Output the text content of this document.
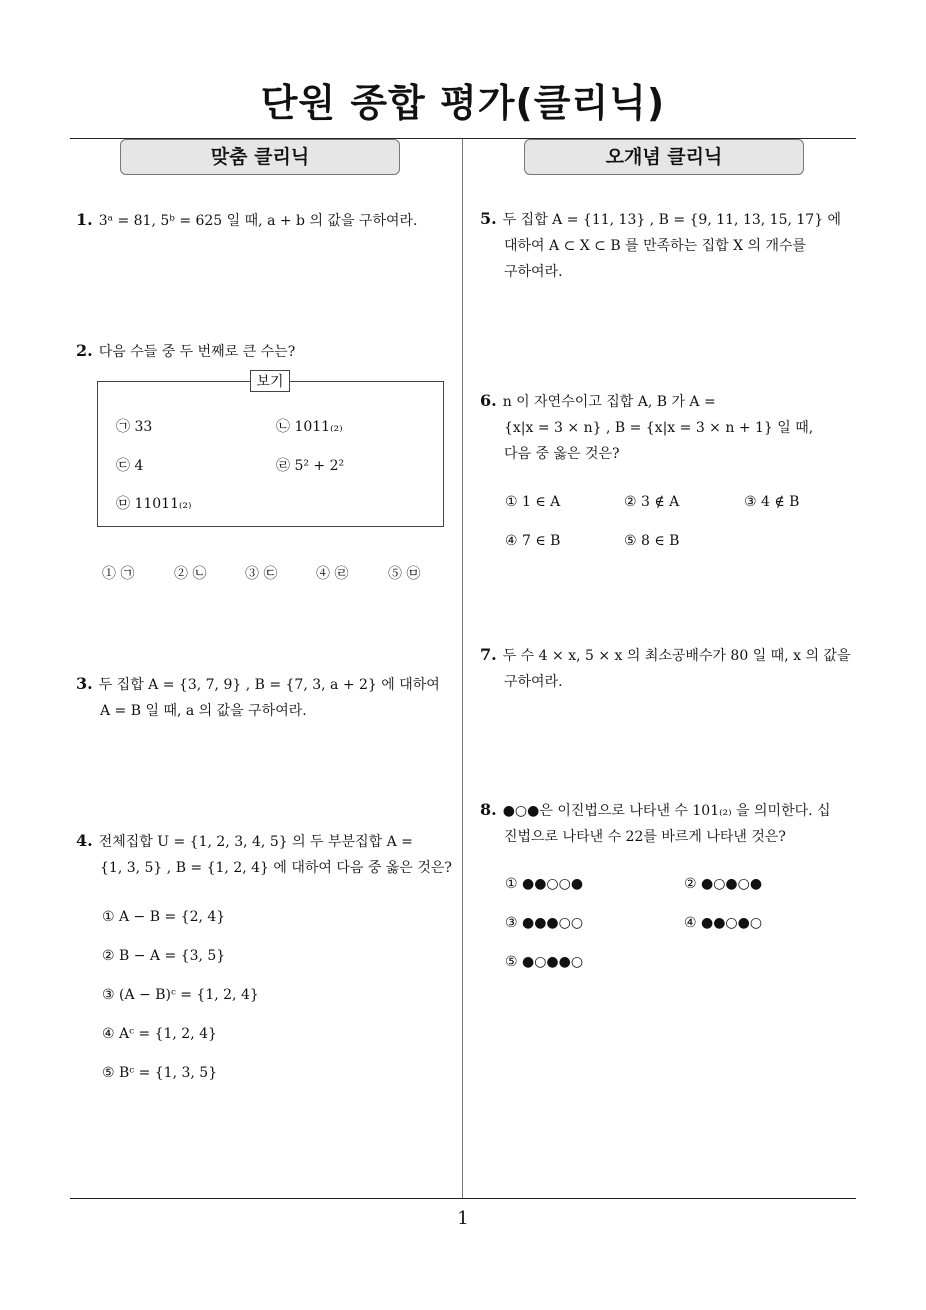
단원 종합 평가(클리닉)
맞춤 클리닉	오개념 클리닉
1. 3ᵃ = 81, 5ᵇ = 625 일 때, a + b 의 값을 구하여라.
2. 다음 수들 중 두 번째로 큰 수는?
보기
㉠ 33	㉡ 1011₍₂₎
㉢ 4	㉣ 5² + 2²
㉤ 11011₍₂₎
① ㉠	② ㉡	③ ㉢	④ ㉣	⑤ ㉤
3. 두 집합 A = {3, 7, 9} , B = {7, 3, a + 2} 에 대하여
A = B 일 때, a 의 값을 구하여라.
4. 전체집합 U = {1, 2, 3, 4, 5} 의 두 부분집합 A =
{1, 3, 5} , B = {1, 2, 4} 에 대하여 다음 중 옳은 것은?
① A − B = {2, 4}
② B − A = {3, 5}
③ (A − B)ᶜ = {1, 2, 4}
④ Aᶜ = {1, 2, 4}
⑤ Bᶜ = {1, 3, 5}
5. 두 집합 A = {11, 13} , B = {9, 11, 13, 15, 17} 에
대하여 A ⊂ X ⊂ B 를 만족하는 집합 X 의 개수를
구하여라.
6. n 이 자연수이고 집합 A, B 가 A =
{x|x = 3 × n} , B = {x|x = 3 × n + 1} 일 때,
다음 중 옳은 것은?
① 1 ∈ A	② 3 ∉ A	③ 4 ∉ B
④ 7 ∈ B	⑤ 8 ∈ B
7. 두 수 4 × x, 5 × x 의 최소공배수가 80 일 때, x 의 값을
구하여라.
8. ●○●은 이진법으로 나타낸 수 101₍₂₎ 을 의미한다. 십
진법으로 나타낸 수 22를 바르게 나타낸 것은?
① ●●○○●	② ●○●○●
③ ●●●○○	④ ●●○●○
⑤ ●○●●○
1
